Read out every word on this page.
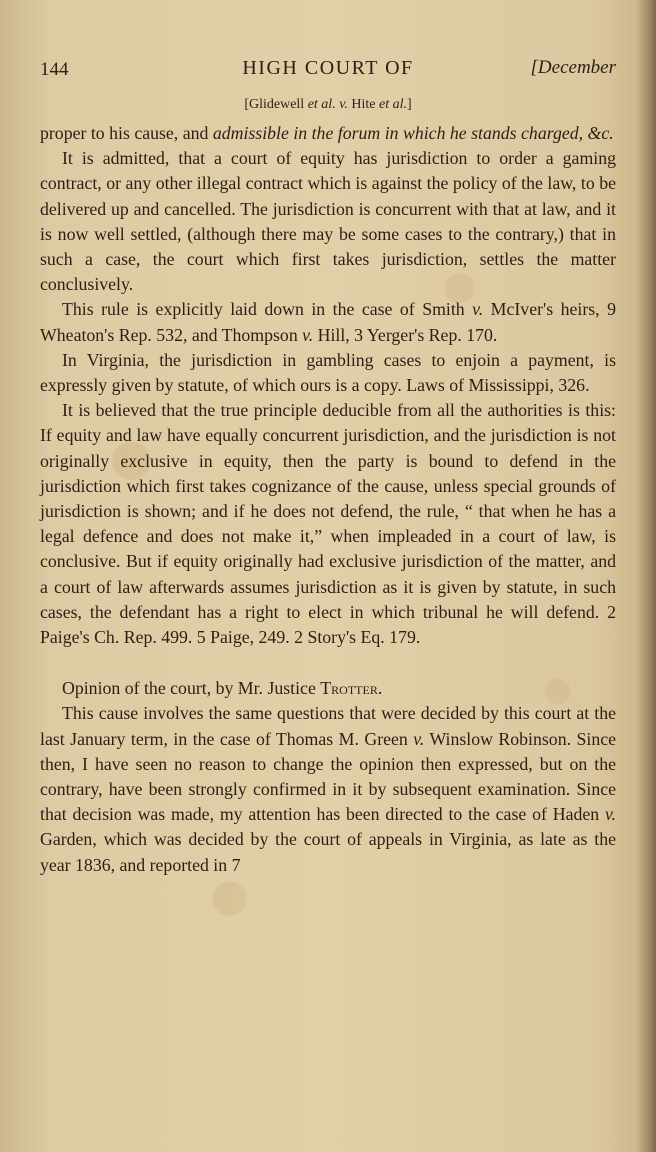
144	HIGH COURT OF	[December
[Glidewell et al. v. Hite et al.]

proper to his cause, and admissible in the forum in which he stands charged, &c.

It is admitted, that a court of equity has jurisdiction to order a gaming contract, or any other illegal contract which is against the policy of the law, to be delivered up and cancelled. The jurisdiction is concurrent with that at law, and it is now well settled, (although there may be some cases to the contrary,) that in such a case, the court which first takes jurisdiction, settles the matter conclusively.

This rule is explicitly laid down in the case of Smith v. McIver's heirs, 9 Wheaton's Rep. 532, and Thompson v. Hill, 3 Yerger's Rep. 170.

In Virginia, the jurisdiction in gambling cases to enjoin a payment, is expressly given by statute, of which ours is a copy. Laws of Mississippi, 326.

It is believed that the true principle deducible from all the authorities is this: If equity and law have equally concurrent jurisdiction, and the jurisdiction is not originally exclusive in equity, then the party is bound to defend in the jurisdiction which first takes cognizance of the cause, unless special grounds of jurisdiction is shown; and if he does not defend, the rule, “ that when he has a legal defence and does not make it,” when impleaded in a court of law, is conclusive. But if equity originally had exclusive jurisdiction of the matter, and a court of law afterwards assumes jurisdiction as it is given by statute, in such cases, the defendant has a right to elect in which tribunal he will defend. 2 Paige's Ch. Rep. 499. 5 Paige, 249. 2 Story's Eq. 179.

Opinion of the court, by Mr. Justice Trotter.

This cause involves the same questions that were decided by this court at the last January term, in the case of Thomas M. Green v. Winslow Robinson. Since then, I have seen no reason to change the opinion then expressed, but on the contrary, have been strongly confirmed in it by subsequent examination. Since that decision was made, my attention has been directed to the case of Haden v. Garden, which was decided by the court of appeals in Virginia, as late as the year 1836, and reported in 7
